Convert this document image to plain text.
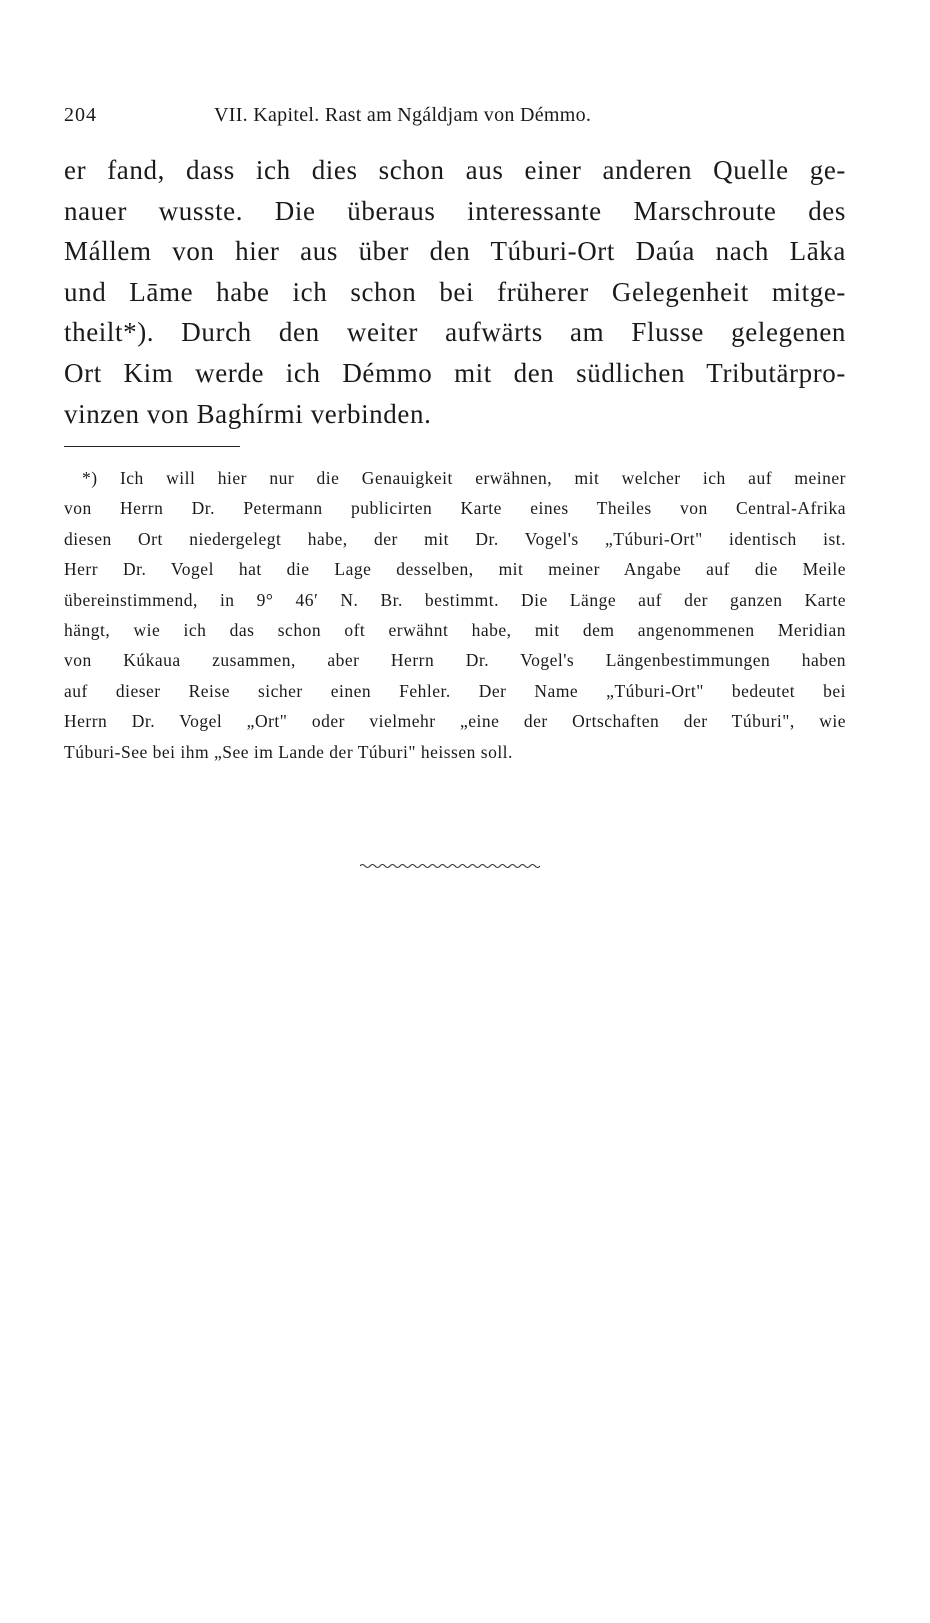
204	VII. Kapitel. Rast am Ngáldjam von Démmo.
er fand, dass ich dies schon aus einer anderen Quelle ge-
nauer wusste. Die überaus interessante Marschroute des
Mállem von hier aus über den Túburi-Ort Daúa nach Lāka
und Lāme habe ich schon bei früherer Gelegenheit mitge-
theilt*). Durch den weiter aufwärts am Flusse gelegenen
Ort Kim werde ich Démmo mit den südlichen Tributärpro-
vinzen von Baghírmi verbinden.
*) Ich will hier nur die Genauigkeit erwähnen, mit welcher ich auf meiner
von Herrn Dr. Petermann publicirten Karte eines Theiles von Central-Afrika
diesen Ort niedergelegt habe, der mit Dr. Vogel's „Túburi-Ort" identisch ist.
Herr Dr. Vogel hat die Lage desselben, mit meiner Angabe auf die Meile
übereinstimmend, in 9° 46′ N. Br. bestimmt. Die Länge auf der ganzen Karte
hängt, wie ich das schon oft erwähnt habe, mit dem angenommenen Meridian
von Kúkaua zusammen, aber Herrn Dr. Vogel's Längenbestimmungen haben
auf dieser Reise sicher einen Fehler. Der Name „Túburi-Ort" bedeutet bei
Herrn Dr. Vogel „Ort" oder vielmehr „eine der Ortschaften der Túburi", wie
Túburi-See bei ihm „See im Lande der Túburi" heissen soll.
